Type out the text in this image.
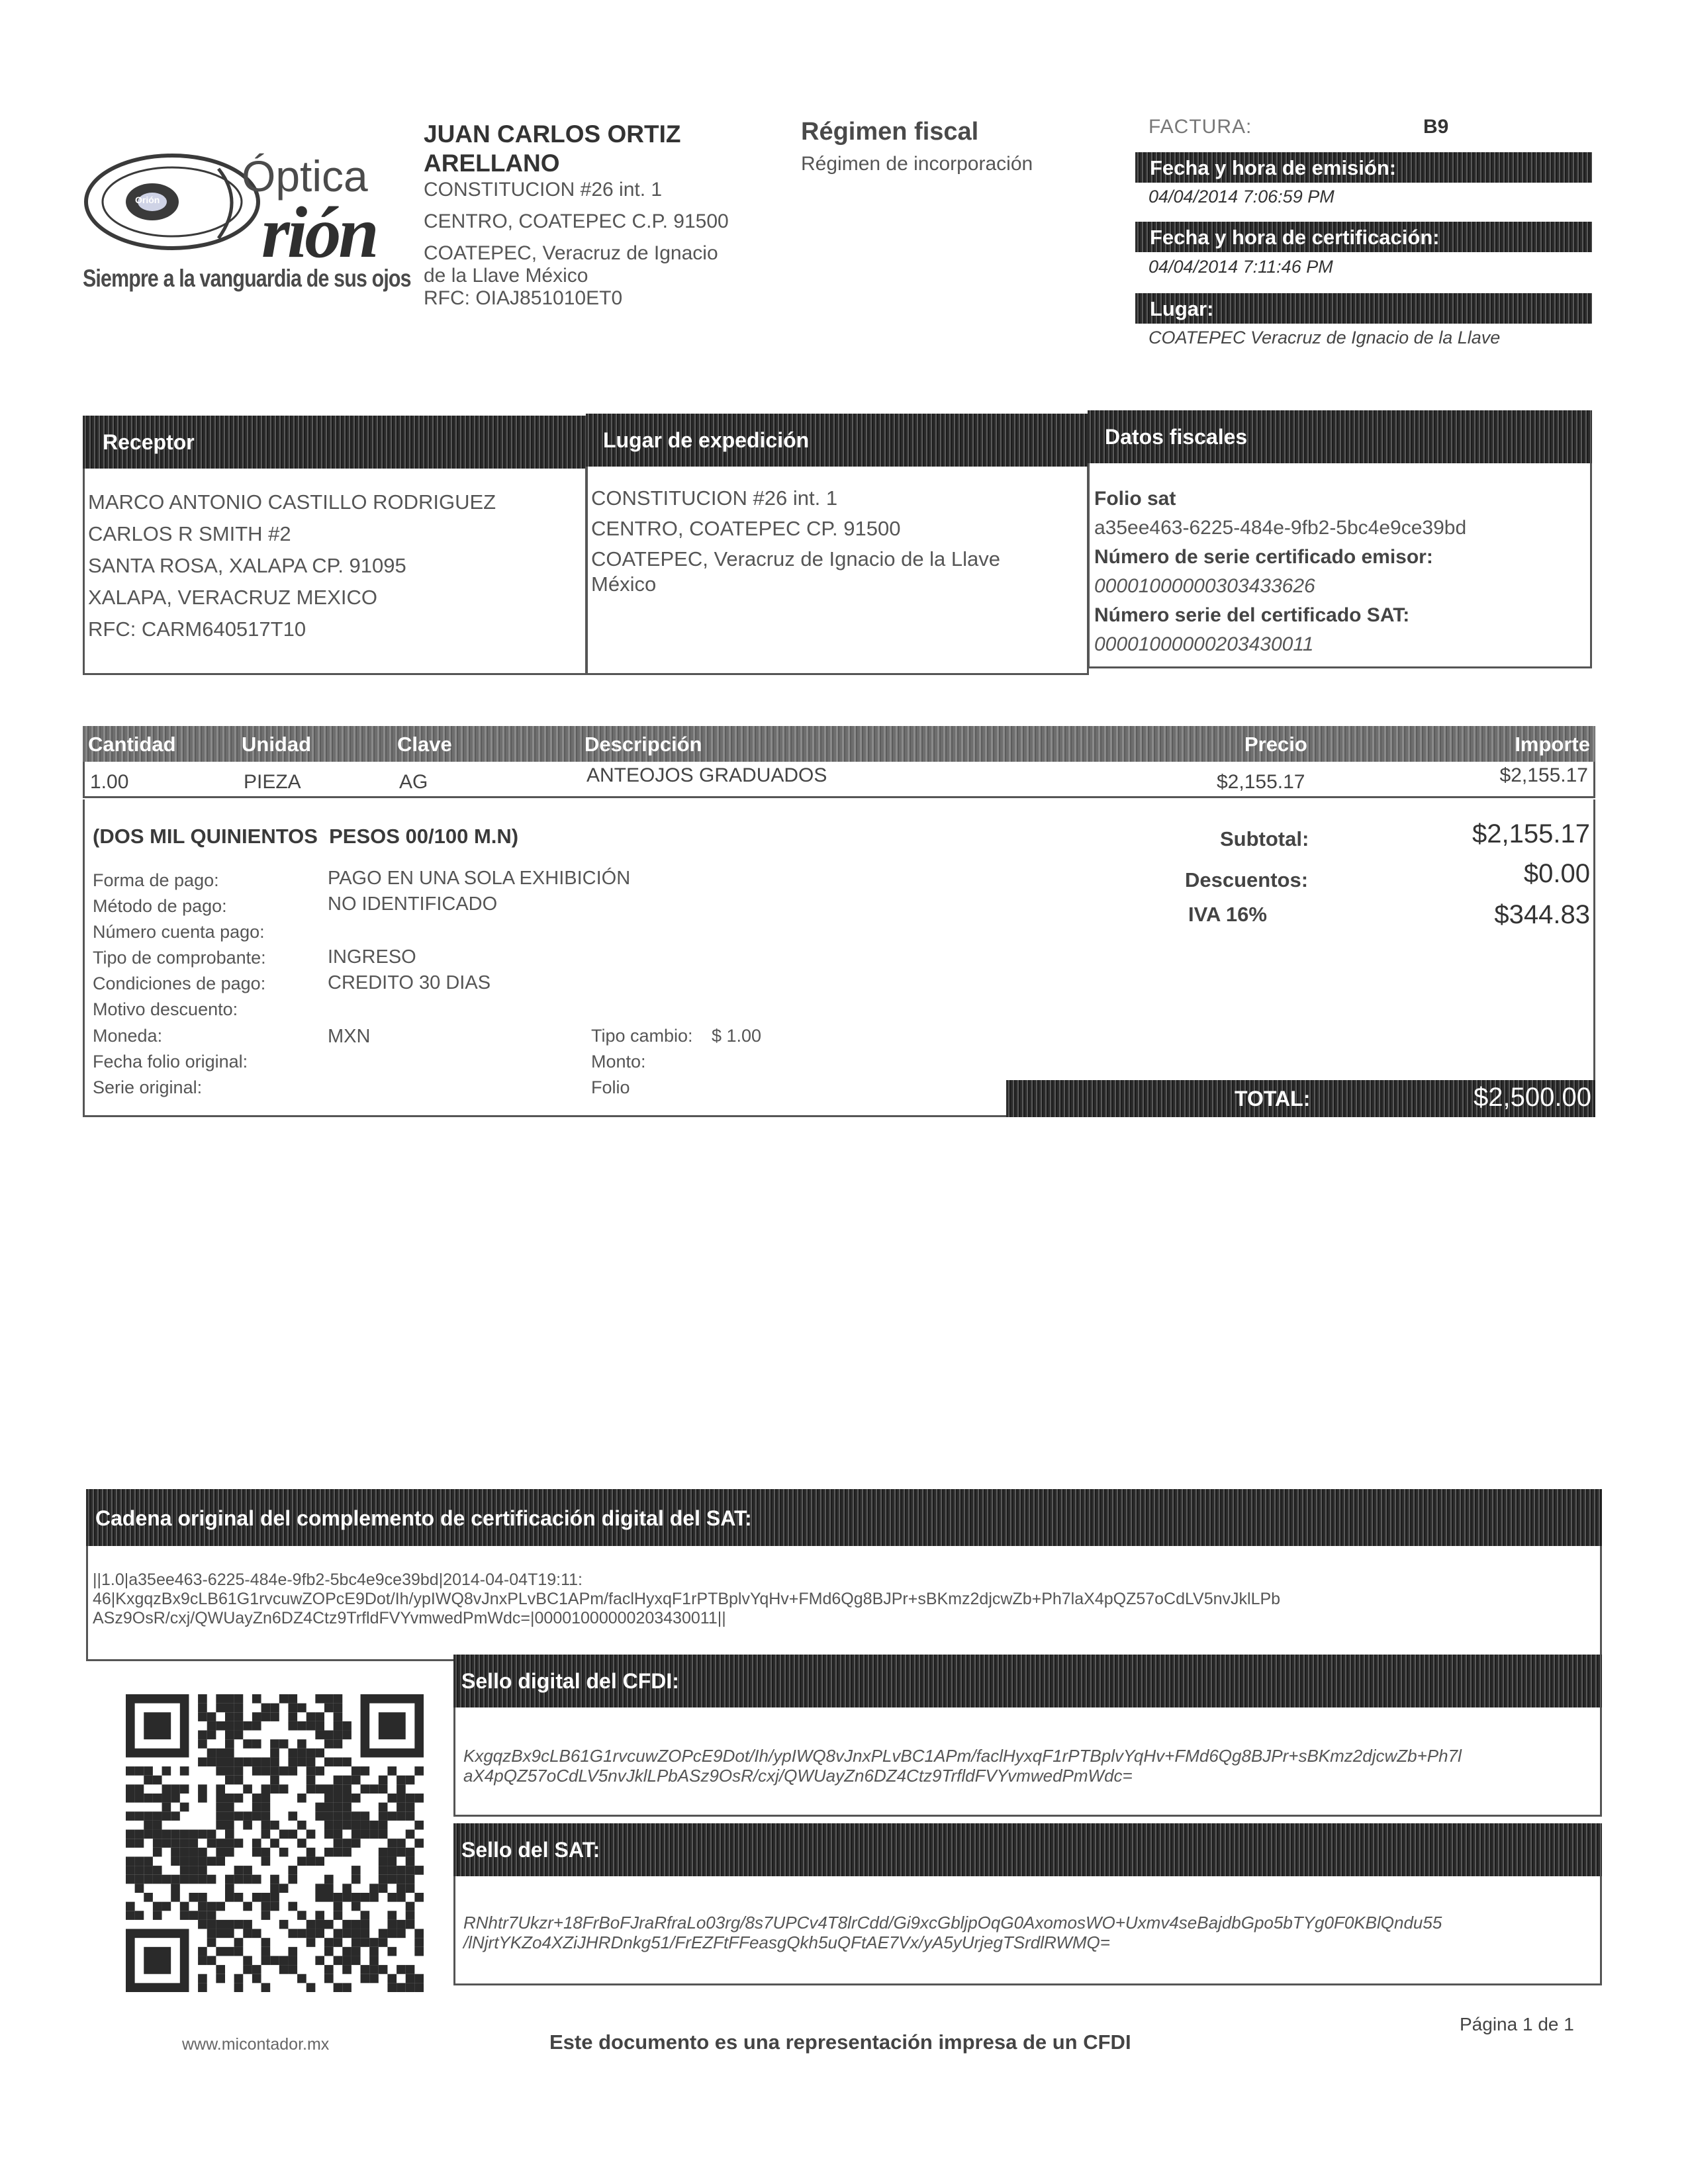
Óptica
rión
Orión
Siempre a la vanguardia de sus ojos
JUAN CARLOS ORTIZ
ARELLANO
CONSTITUCION #26 int. 1
CENTRO, COATEPEC C.P. 91500
COATEPEC, Veracruz de Ignacio
de la Llave México
RFC: OIAJ851010ET0
Régimen fiscal
Régimen de incorporación
FACTURA:	B9
Fecha y hora de emisión:
04/04/2014 7:06:59 PM
Fecha y hora de certificación:
04/04/2014 7:11:46 PM
Lugar:
COATEPEC Veracruz de Ignacio de la Llave
Receptor
MARCO ANTONIO CASTILLO RODRIGUEZ
CARLOS R SMITH #2
SANTA ROSA, XALAPA CP. 91095
XALAPA, VERACRUZ MEXICO
RFC: CARM640517T10
Lugar de expedición
CONSTITUCION #26 int. 1
CENTRO, COATEPEC CP. 91500
COATEPEC, Veracruz de Ignacio de la Llave
México
Datos fiscales
Folio sat
a35ee463-6225-484e-9fb2-5bc4e9ce39bd
Número de serie certificado emisor:
00001000000303433626
Número serie del certificado SAT:
00001000000203430011
Cantidad	Unidad	Clave	Descripción	Precio	Importe
1.00	PIEZA	AG	ANTEOJOS GRADUADOS	$2,155.17	$2,155.17
(DOS MIL QUINIENTOS  PESOS 00/100 M.N)
Forma de pago:	PAGO EN UNA SOLA EXHIBICIÓN
Método de pago:	NO IDENTIFICADO
Número cuenta pago:
Tipo de comprobante:	INGRESO
Condiciones de pago:	CREDITO 30 DIAS
Motivo descuento:
Moneda:	MXN	Tipo cambio: $ 1.00
Fecha folio original:	Monto:
Serie original:	Folio
Subtotal:	$2,155.17
Descuentos:	$0.00
IVA 16%	$344.83
TOTAL:	$2,500.00
Cadena original del complemento de certificación digital del SAT:
||1.0|a35ee463-6225-484e-9fb2-5bc4e9ce39bd|2014-04-04T19:11:
46|KxgqzBx9cLB61G1rvcuwZOPcE9Dot/Ih/ypIWQ8vJnxPLvBC1APm/faclHyxqF1rPTBplvYqHv+FMd6Qg8BJPr+sBKmz2djcwZb+Ph7laX4pQZ57oCdLV5nvJklLPb
ASz9OsR/cxj/QWUayZn6DZ4Ctz9TrfldFVYvmwedPmWdc=|00001000000203430011||
Sello digital del CFDI:
KxgqzBx9cLB61G1rvcuwZOPcE9Dot/Ih/ypIWQ8vJnxPLvBC1APm/faclHyxqF1rPTBplvYqHv+FMd6Qg8BJPr+sBKmz2djcwZb+Ph7l
aX4pQZ57oCdLV5nvJklLPbASz9OsR/cxj/QWUayZn6DZ4Ctz9TrfldFVYvmwedPmWdc=
Sello del SAT:
RNhtr7Ukzr+18FrBoFJraRfraLo03rg/8s7UPCv4T8lrCdd/Gi9xcGbljpOqG0AxomosWO+Uxmv4seBajdbGpo5bTYg0F0KBlQndu55
/lNjrtYKZo4XZiJHRDnkg51/FrEZFtFFeasgQkh5uQFtAE7Vx/yA5yUrjegTSrdlRWMQ=
www.micontador.mx	Este documento es una representación impresa de un CFDI
Página 1 de 1
